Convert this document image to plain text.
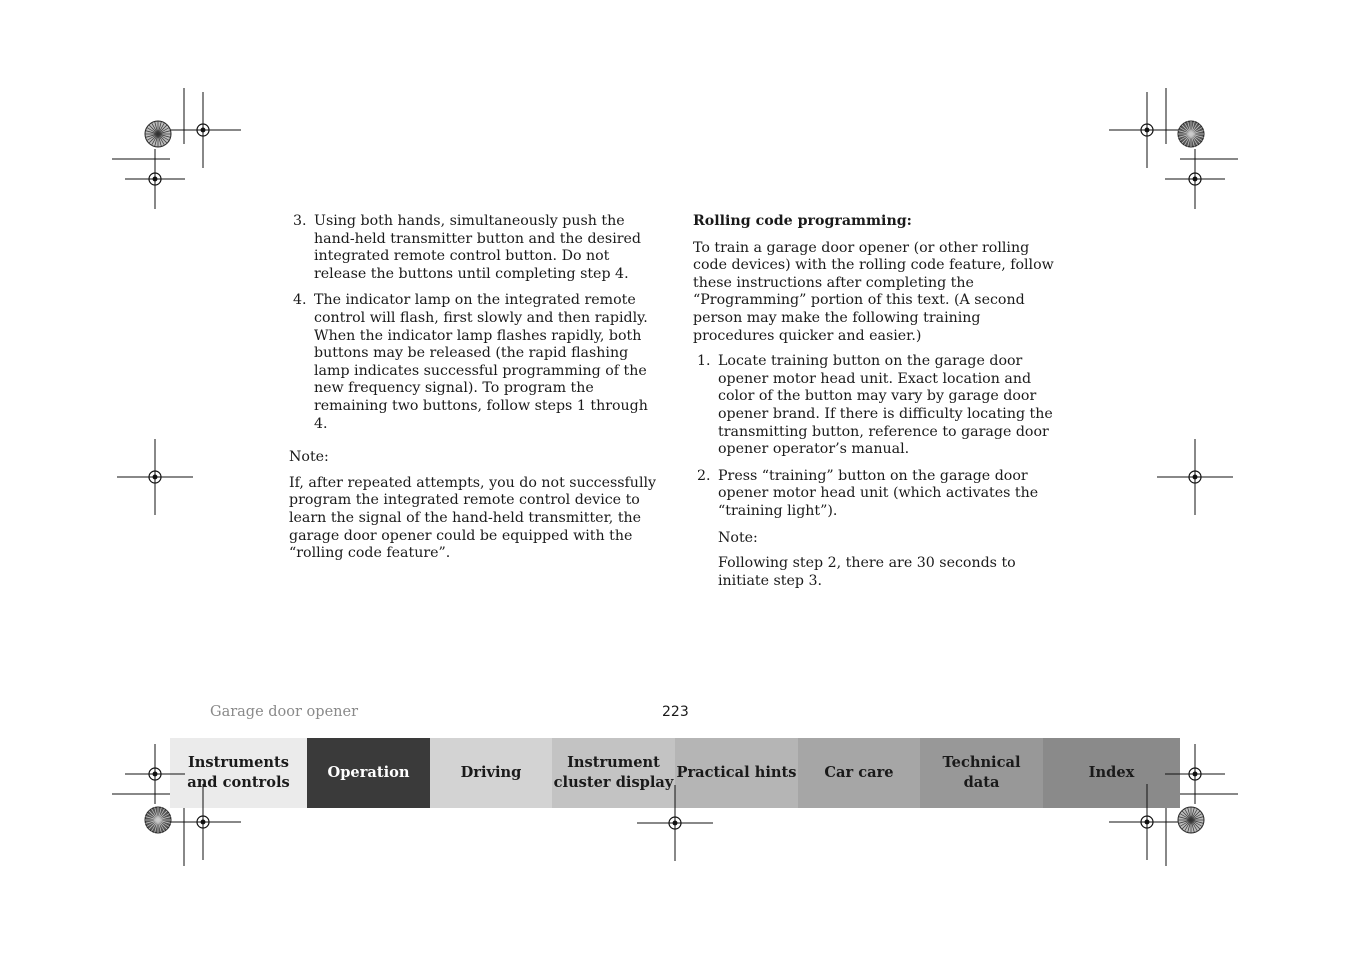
3. Using both hands, simultaneously push the hand-held transmitter button and the desired integrated remote control button. Do not release the buttons until completing step 4.
4. The indicator lamp on the integrated remote control will flash, first slowly and then rapidly. When the indicator lamp flashes rapidly, both buttons may be released (the rapid flashing lamp indicates successful programming of the new frequency signal). To program the remaining two buttons, follow steps 1 through 4.

Note:

If, after repeated attempts, you do not successfully program the integrated remote control device to learn the signal of the hand-held transmitter, the garage door opener could be equipped with the “rolling code feature”.

Rolling code programming:

To train a garage door opener (or other rolling code devices) with the rolling code feature, follow these instructions after completing the “Programming” portion of this text. (A second person may make the following training procedures quicker and easier.)

1. Locate training button on the garage door opener motor head unit. Exact location and color of the button may vary by garage door opener brand. If there is difficulty locating the transmitting button, reference to garage door opener operator’s manual.
2. Press “training” button on the garage door opener motor head unit (which activates the “training light”).

Note:

Following step 2, there are 30 seconds to initiate step 3.

Garage door opener	223
Instruments
and controls
Operation	Driving
Instrument
cluster display
Practical hints Car care
Technical
data
Index
